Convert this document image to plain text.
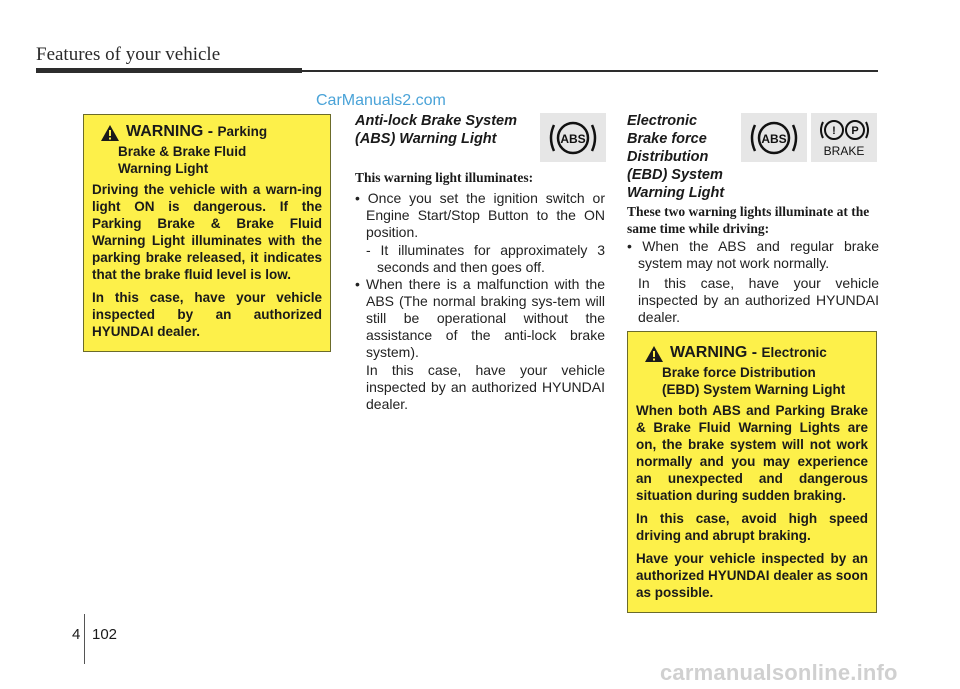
Features of your vehicle
CarManuals2.com
WARNING - Parking
Brake & Brake Fluid
Warning Light

Driving the vehicle with a warn-ing light ON is dangerous. If the Parking Brake & Brake Fluid Warning Light illuminates with the parking brake released, it indicates that the brake fluid level is low.

In this case, have your vehicle inspected by an authorized HYUNDAI dealer.

Anti-lock Brake System
(ABS) Warning Light	ABS
This warning light illuminates:
• Once you set the ignition switch or Engine Start/Stop Button to the ON position.
- It illuminates for approximately 3 seconds and then goes off.
• When there is a malfunction with the ABS (The normal braking sys-tem will still be operational without the assistance of the anti-lock brake system).
In this case, have your vehicle inspected by an authorized HYUNDAI dealer.
Electronic
Brake force
Distribution
(EBD) System
Warning Light
ABS
! P
BRAKE
These two warning lights illuminate at the same time while driving:
• When the ABS and regular brake system may not work normally.
In this case, have your vehicle inspected by an authorized HYUNDAI dealer.
WARNING - Electronic
Brake force Distribution
(EBD) System Warning Light

When both ABS and Parking Brake & Brake Fluid Warning Lights are on, the brake system will not work normally and you may experience an unexpected and dangerous situation during sudden braking.

In this case, avoid high speed driving and abrupt braking.

Have your vehicle inspected by an authorized HYUNDAI dealer as soon as possible.

4 102
carmanualsonline.info
